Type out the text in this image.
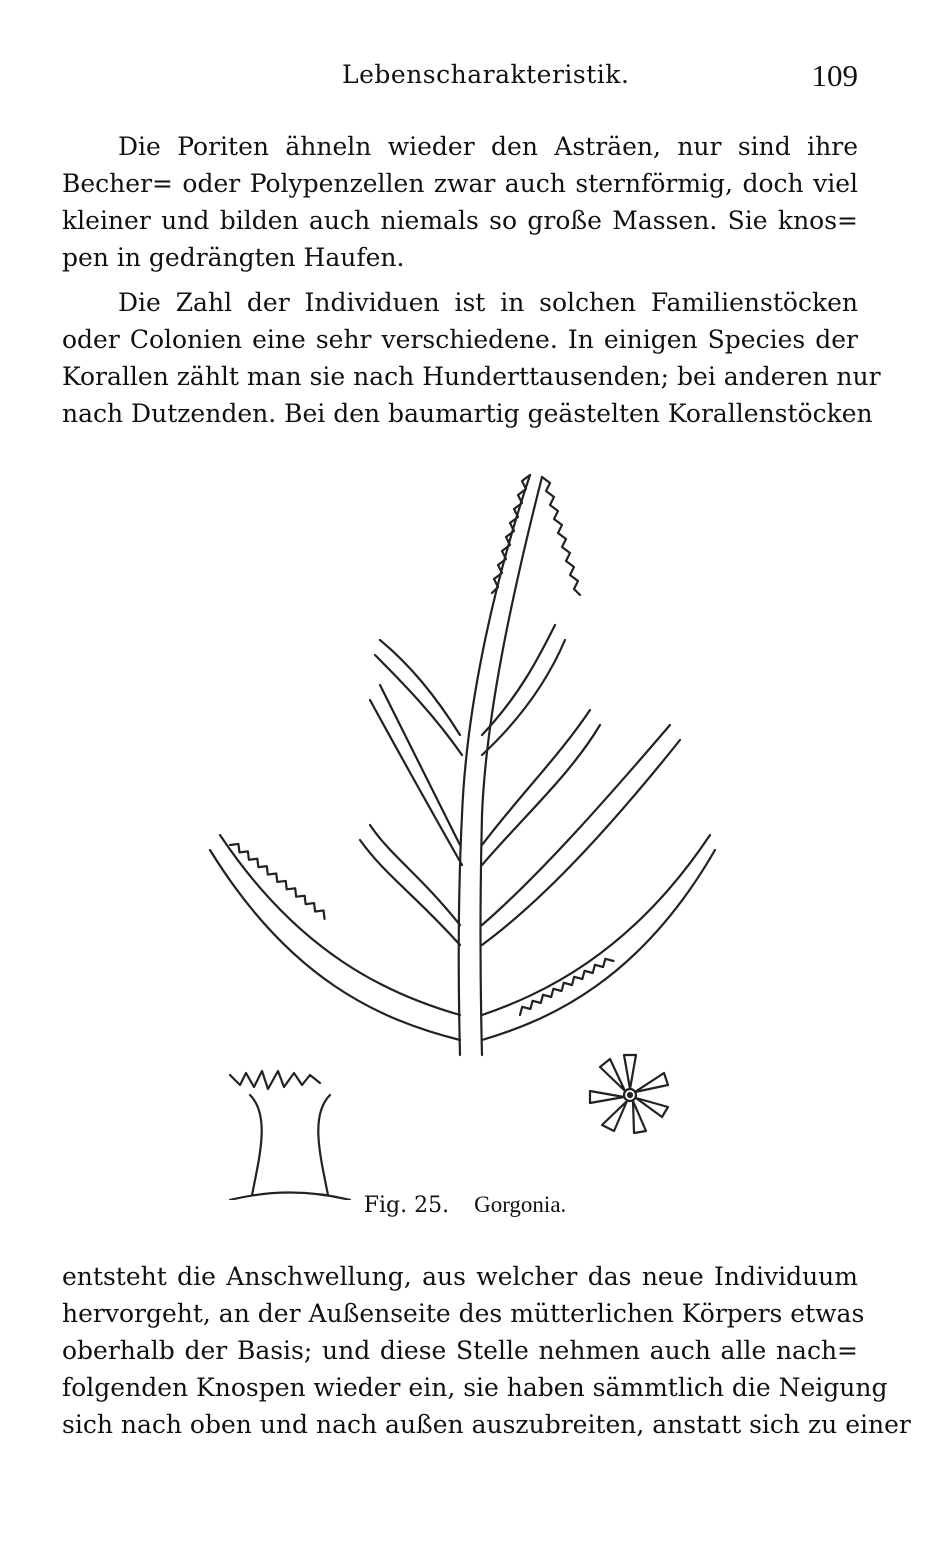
Lebenscharakteristik.	109
Die Poriten ähneln wieder den Asträen, nur sind ihre
Becher= oder Polypenzellen zwar auch sternförmig, doch viel
kleiner und bilden auch niemals so große Massen. Sie knos=
pen in gedrängten Haufen.
Die Zahl der Individuen ist in solchen Familienstöcken
oder Colonien eine sehr verschiedene. In einigen Species der
Korallen zählt man sie nach Hunderttausenden; bei anderen nur
nach Dutzenden. Bei den baumartig geästelten Korallenstöcken
Fig. 25. Gorgonia.
entsteht die Anschwellung, aus welcher das neue Individuum
hervorgeht, an der Außenseite des mütterlichen Körpers etwas
oberhalb der Basis; und diese Stelle nehmen auch alle nach=
folgenden Knospen wieder ein, sie haben sämmtlich die Neigung
sich nach oben und nach außen auszubreiten, anstatt sich zu einer
